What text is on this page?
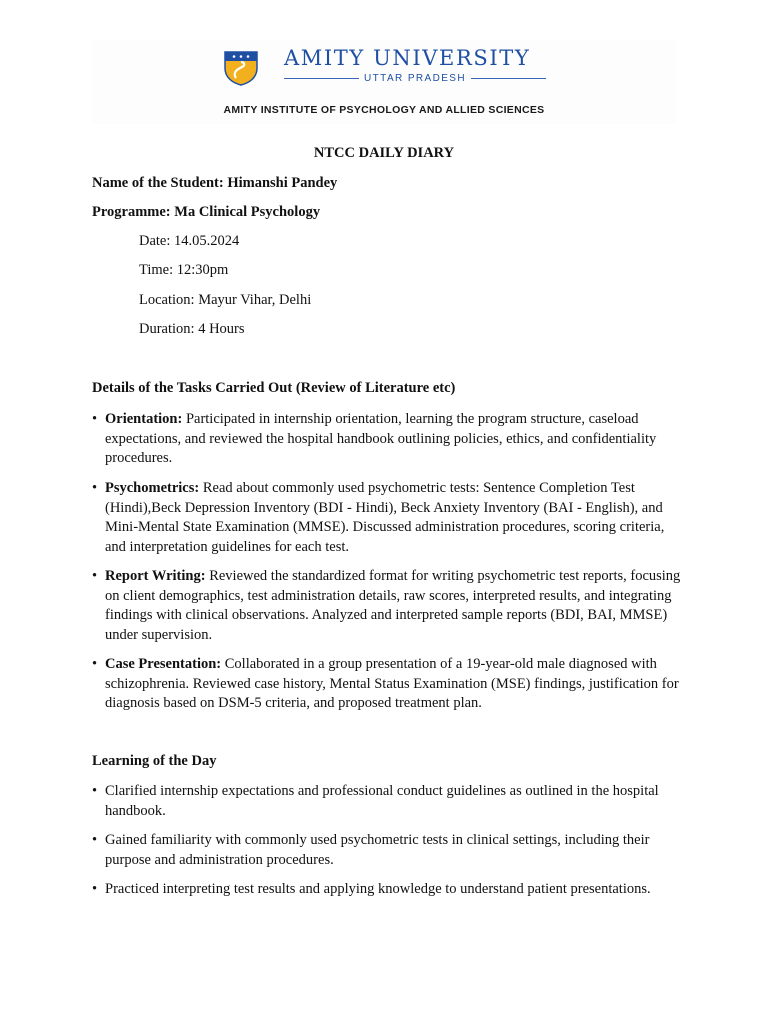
AMITY UNIVERSITY
UTTAR PRADESH
AMITY INSTITUTE OF PSYCHOLOGY AND ALLIED SCIENCES
NTCC DAILY DIARY
Name of the Student: Himanshi Pandey
Programme: Ma Clinical Psychology
Date: 14.05.2024
Time: 12:30pm
Location: Mayur Vihar, Delhi
Duration: 4 Hours
Details of the Tasks Carried Out (Review of Literature etc)
• Orientation: Participated in internship orientation, learning the program structure, caseload expectations, and reviewed the hospital handbook outlining policies, ethics, and confidentiality procedures.
• Psychometrics: Read about commonly used psychometric tests: Sentence Completion Test (Hindi),Beck Depression Inventory (BDI - Hindi), Beck Anxiety Inventory (BAI - English), and Mini-Mental State Examination (MMSE). Discussed administration procedures, scoring criteria, and interpretation guidelines for each test.
• Report Writing: Reviewed the standardized format for writing psychometric test reports, focusing on client demographics, test administration details, raw scores, interpreted results, and integrating findings with clinical observations. Analyzed and interpreted sample reports (BDI, BAI, MMSE) under supervision.
• Case Presentation: Collaborated in a group presentation of a 19-year-old male diagnosed with schizophrenia. Reviewed case history, Mental Status Examination (MSE) findings, justification for diagnosis based on DSM-5 criteria, and proposed treatment plan.
Learning of the Day
• Clarified internship expectations and professional conduct guidelines as outlined in the hospital handbook.
• Gained familiarity with commonly used psychometric tests in clinical settings, including their purpose and administration procedures.
• Practiced interpreting test results and applying knowledge to understand patient presentations.
